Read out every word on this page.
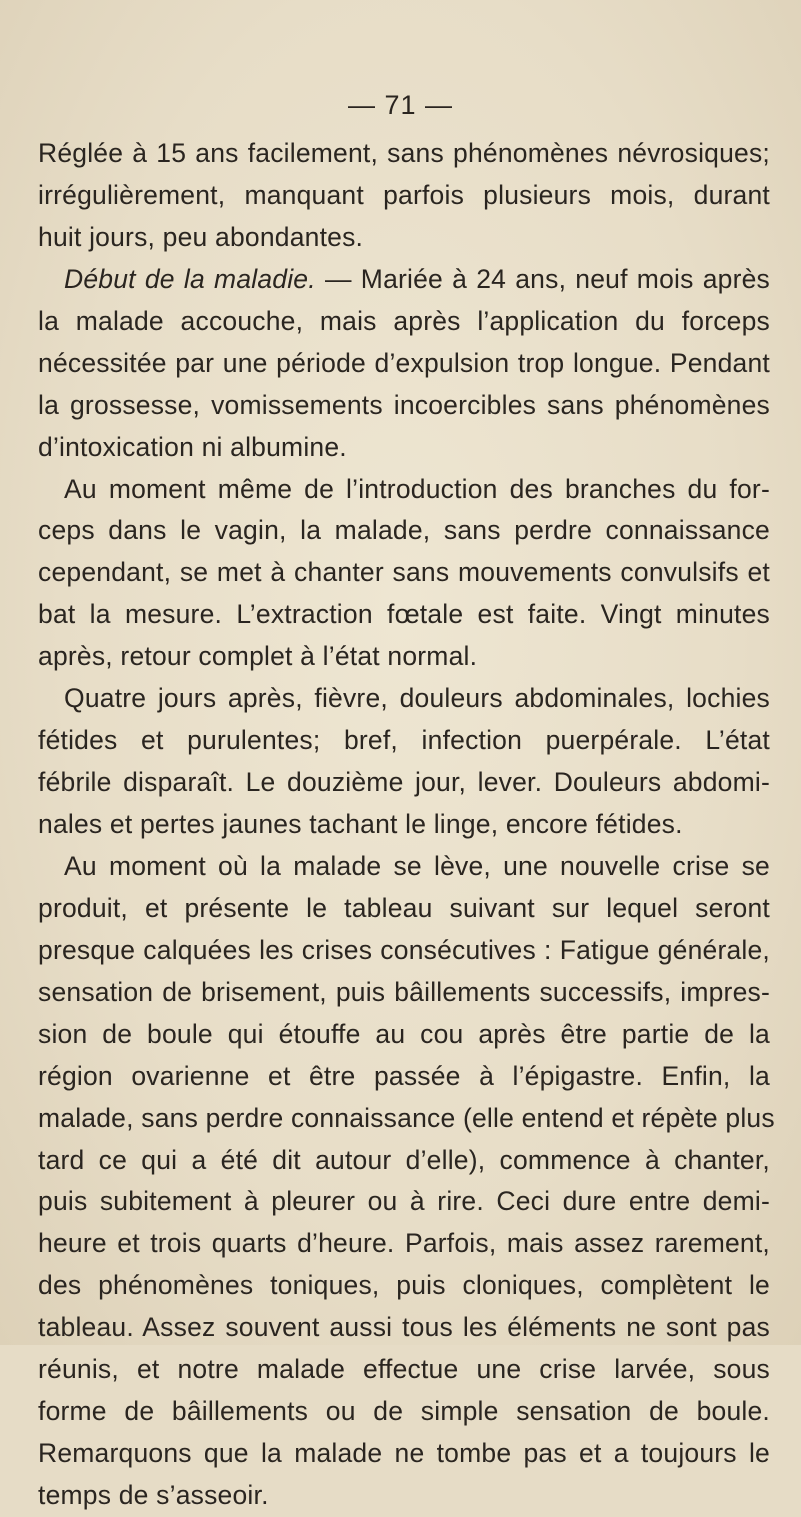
— 71 —
Réglée à 15 ans facilement, sans phénomènes névrosiques;
irrégulièrement, manquant parfois plusieurs mois, durant
huit jours, peu abondantes.
Début de la maladie. — Mariée à 24 ans, neuf mois après
la malade accouche, mais après l’application du forceps
nécessitée par une période d’expulsion trop longue. Pendant
la grossesse, vomissements incoercibles sans phénomènes
d’intoxication ni albumine.
Au moment même de l’introduction des branches du for-
ceps dans le vagin, la malade, sans perdre connaissance
cependant, se met à chanter sans mouvements convulsifs et
bat la mesure. L’extraction fœtale est faite. Vingt minutes
après, retour complet à l’état normal.
Quatre jours après, fièvre, douleurs abdominales, lochies
fétides et purulentes; bref, infection puerpérale. L’état
fébrile disparaît. Le douzième jour, lever. Douleurs abdomi-
nales et pertes jaunes tachant le linge, encore fétides.
Au moment où la malade se lève, une nouvelle crise se
produit, et présente le tableau suivant sur lequel seront
presque calquées les crises consécutives : Fatigue générale,
sensation de brisement, puis bâillements successifs, impres-
sion de boule qui étouffe au cou après être partie de la
région ovarienne et être passée à l’épigastre. Enfin, la
malade, sans perdre connaissance (elle entend et répète plus
tard ce qui a été dit autour d’elle), commence à chanter,
puis subitement à pleurer ou à rire. Ceci dure entre demi-
heure et trois quarts d’heure. Parfois, mais assez rarement,
des phénomènes toniques, puis cloniques, complètent le
tableau. Assez souvent aussi tous les éléments ne sont pas
réunis, et notre malade effectue une crise larvée, sous
forme de bâillements ou de simple sensation de boule.
Remarquons que la malade ne tombe pas et a toujours le
temps de s’asseoir.
